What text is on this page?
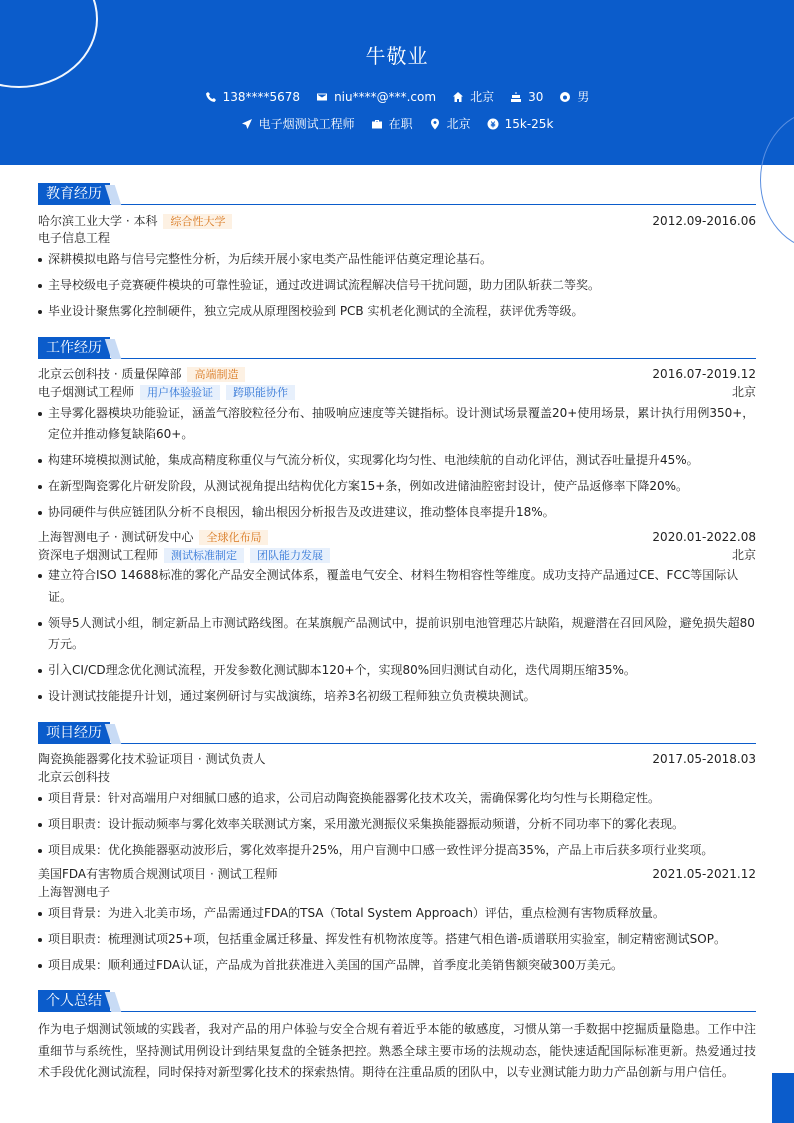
牛敬业
138****5678	niu****@***.com	北京	30	男
电子烟测试工程师	在职	北京	15k-25k
教育经历
哈尔滨工业大学 · 本科	综合性大学	2012.09-2016.06
电子信息工程
深耕模拟电路与信号完整性分析，为后续开展小家电类产品性能评估奠定理论基石。
主导校级电子竞赛硬件模块的可靠性验证，通过改进调试流程解决信号干扰问题，助力团队斩获二等奖。
毕业设计聚焦雾化控制硬件，独立完成从原理图校验到 PCB 实机老化测试的全流程，获评优秀等级。
工作经历
北京云创科技 · 质量保障部	高端制造	2016.07-2019.12
电子烟测试工程师	用户体验验证	跨职能协作	北京
主导雾化器模块功能验证，涵盖气溶胶粒径分布、抽吸响应速度等关键指标。设计测试场景覆盖20+使用场景，累计执行用例350+，定位并推动修复缺陷60+。
构建环境模拟测试舱，集成高精度称重仪与气流分析仪，实现雾化均匀性、电池续航的自动化评估，测试吞吐量提升45%。
在新型陶瓷雾化片研发阶段，从测试视角提出结构优化方案15+条，例如改进储油腔密封设计，使产品返修率下降20%。
协同硬件与供应链团队分析不良根因，输出根因分析报告及改进建议，推动整体良率提升18%。
上海智测电子 · 测试研发中心	全球化布局	2020.01-2022.08
资深电子烟测试工程师	测试标准制定	团队能力发展	北京
建立符合ISO 14688标准的雾化产品安全测试体系，覆盖电气安全、材料生物相容性等维度。成功支持产品通过CE、FCC等国际认证。
领导5人测试小组，制定新品上市测试路线图。在某旗舰产品测试中，提前识别电池管理芯片缺陷，规避潜在召回风险，避免损失超80万元。
引入CI/CD理念优化测试流程，开发参数化测试脚本120+个，实现80%回归测试自动化，迭代周期压缩35%。
设计测试技能提升计划，通过案例研讨与实战演练，培养3名初级工程师独立负责模块测试。
项目经历
陶瓷换能器雾化技术验证项目 · 测试负责人	2017.05-2018.03
北京云创科技
项目背景：针对高端用户对细腻口感的追求，公司启动陶瓷换能器雾化技术攻关，需确保雾化均匀性与长期稳定性。
项目职责：设计振动频率与雾化效率关联测试方案，采用激光测振仪采集换能器振动频谱，分析不同功率下的雾化表现。
项目成果：优化换能器驱动波形后，雾化效率提升25%，用户盲测中口感一致性评分提高35%，产品上市后获多项行业奖项。
美国FDA有害物质合规测试项目 · 测试工程师	2021.05-2021.12
上海智测电子
项目背景：为进入北美市场，产品需通过FDA的TSA（Total System Approach）评估，重点检测有害物质释放量。
项目职责：梳理测试项25+项，包括重金属迁移量、挥发性有机物浓度等。搭建气相色谱-质谱联用实验室，制定精密测试SOP。
项目成果：顺利通过FDA认证，产品成为首批获准进入美国的国产品牌，首季度北美销售额突破300万美元。
个人总结

作为电子烟测试领域的实践者，我对产品的用户体验与安全合规有着近乎本能的敏感度，习惯从第一手数据中挖掘质量隐患。工作中注重细节与系统性，坚持测试用例设计到结果复盘的全链条把控。熟悉全球主要市场的法规动态，能快速适配国际标准更新。热爱通过技术手段优化测试流程，同时保持对新型雾化技术的探索热情。期待在注重品质的团队中，以专业测试能力助力产品创新与用户信任。
